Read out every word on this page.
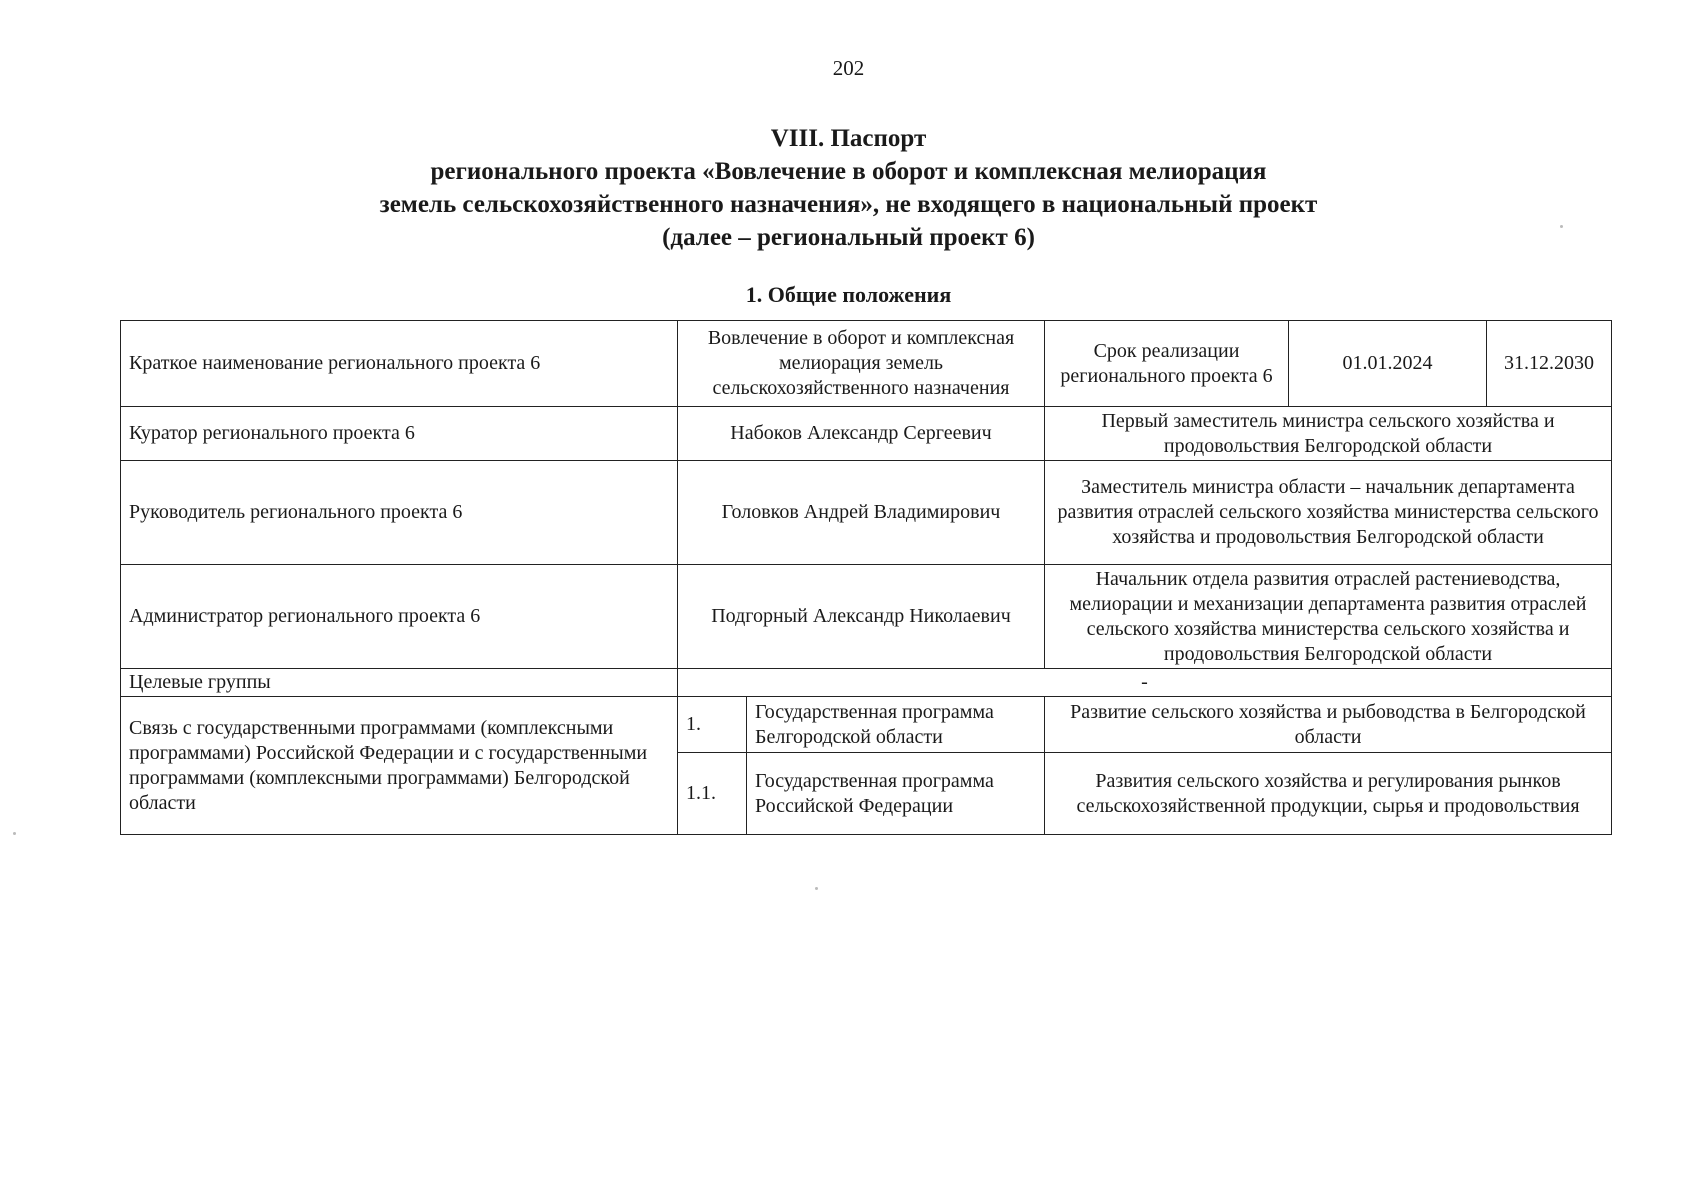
202
VIII. Паспорт
регионального проекта «Вовлечение в оборот и комплексная мелиорация
земель сельскохозяйственного назначения», не входящего в национальный проект
(далее – региональный проект 6)
1. Общие положения
Краткое наименование регионального проекта 6	Вовлечение в оборот и комплексная мелиорация земель сельскохозяйственного назначения		Срок реализации регионального проекта 6	01.01.2024	31.12.2030
Куратор регионального проекта 6	Набоков Александр Сергеевич		Первый заместитель министра сельского хозяйства и продовольствия Белгородской области		
Руководитель регионального проекта 6	Головков Андрей Владимирович		Заместитель министра области – начальник департамента развития отраслей сельского хозяйства министерства сельского хозяйства и продовольствия Белгородской области		
Администратор регионального проекта 6	Подгорный Александр Николаевич		Начальник отдела развития отраслей растениеводства, мелиорации и механизации департамента развития отраслей сельского хозяйства министерства сельского хозяйства и продовольствия Белгородской области		
Целевые группы	-				
Связь с государственными программами (комплексными программами) Российской Федерации и с государственными программами (комплексными программами) Белгородской области	1.	Государственная программа Белгородской области	Развитие сельского хозяйства и рыбоводства в Белгородской области		
	1.1.	Государственная программа Российской Федерации	Развития сельского хозяйства и регулирования рынков сельскохозяйственной продукции, сырья и продовольствия		
